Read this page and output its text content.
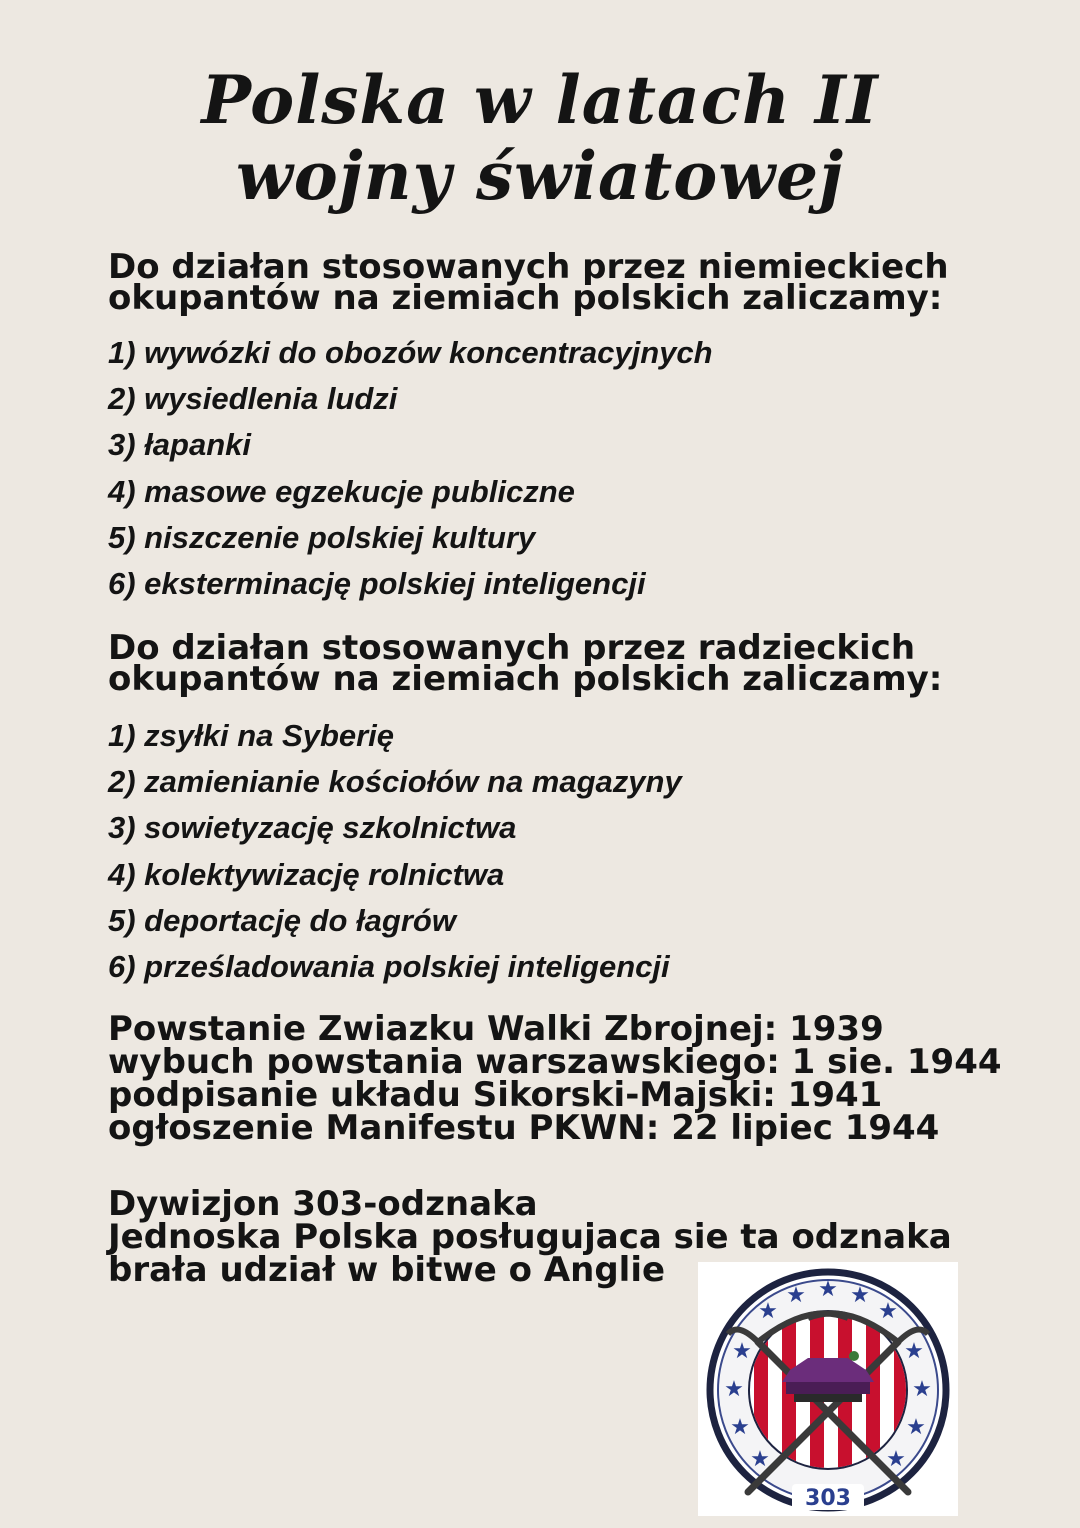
Polska w latach II
wojny światowej
Do działan stosowanych przez niemieckiech
okupantów na ziemiach polskich zaliczamy:
1) wywózki do obozów koncentracyjnych
2) wysiedlenia ludzi
3) łapanki
4) masowe egzekucje publiczne
5) niszczenie polskiej kultury
6) eksterminację polskiej inteligencji
Do działan stosowanych przez radzieckich
okupantów na ziemiach polskich zaliczamy:
1) zsyłki na Syberię
2) zamienianie kościołów na magazyny
3) sowietyzację szkolnictwa
4) kolektywizację rolnictwa
5) deportację do łagrów
6) prześladowania polskiej inteligencji
Powstanie Zwiazku Walki Zbrojnej: 1939
wybuch powstania warszawskiego: 1 sie. 1944
podpisanie układu Sikorski-Majski: 1941
ogłoszenie Manifestu PKWN: 22 lipiec 1944
Dywizjon 303-odznaka
Jednoska Polska posługujaca sie ta odznaka
brała udział w bitwe o Anglie	★
★ ★
★	★
★	★
★	★
★	★
★	★
303
